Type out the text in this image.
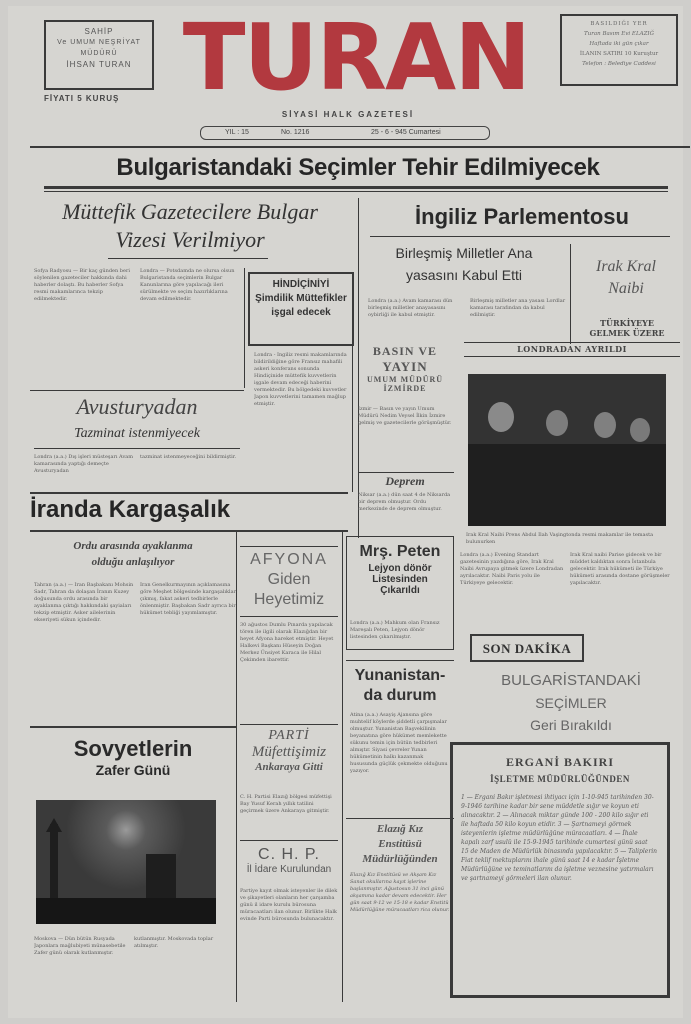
SAHİP
Ve UMUM NEŞRİYAT
MÜDÜRÜ
İHSAN TURAN
FİYATI 5 KURUŞ TURAN	BASILDIĞI YER
Turan Basım Evi ELAZIĞ
Haftada iki gün çıkar
İLANIN SATIRI 10 Kuruştur
Telefon : Belediye Caddesi
SİYASİ HALK GAZETESİ
YIL : 15	No. 1216	25 - 6 - 945 Cumartesi
Bulgaristandaki Seçimler Tehir Edilmiyecek
Müttefik Gazetecilere Bulgar
Vizesi Verilmiyor
Sofya Radyosu — Bir kaç günden beri söylenilen gazeteciler hakkında dahi haberler dolaştı. Bu haberler Sofya resmi makamlarınca tekzip edilmektedir.
Londra — Potsdamda ne olursa olsun Bulgaristanda seçimlerin Bulgar Kanunlarına göre yapılacağı ileri sürülmekte ve seçim hazırlıklarına devam edilmektedir.
HİNDİÇİNİYİ Şimdilik Müttefikler işgal edecek
Londra - İngiliz resmi makamlarında bildirildiğine göre Fransız mahafili askeri konferans sonunda Hindiçinide müttefik kuvvetlerin işgale devam edeceği haberini vermektedir. Bu bölgedeki kuvvetler Japon kuvvetlerini tamamen mağlup etmiştir.
İngiliz Parlementosu
Birleşmiş Milletler Ana
yasasını Kabul Etti
Londra (a.a.) Avam kamarası dün birleşmiş milletler anayasasını oybirliği ile kabul etmiştir.
Birleşmiş milletler ana yasası Lordlar kamarası tarafından da kabul edilmiştir.
Irak Kral
Naibi
TÜRKİYEYE
GELMEK ÜZERE
LONDRADAN AYRILDI
Irak Kral Naibi Prens Abdul İlah Vaşingtonda resmi makamlar ile temasta bulunurken
Londra (a.a.) Evening Standart gazetesinin yazdığına göre, Irak Kral Naibi Avrupaya gitmek üzere Londradan ayrılacaktır. Naibi Paris yolu ile Türkiyeye gelecektir.
Irak Kral naibi Parise gidecek ve bir müddet kaldıktan sonra İstanbula gelecektir. Irak hükümeti ile Türkiye hükümeti arasında dostane görüşmeler yapılacaktır.
Avusturyadan
Tazminat istenmiyecek
Londra (a.a.) Dış işleri müsteşarı Avam kamarasında yaptığı demeçte Avusturyadan
tazminat istenmeyeceğini bildirmiştir.
BASIN VE
YAYIN
UMUM MÜDÜRÜ
İZMİRDE
İzmir — Basın ve yayın Umum Müdürü Nedim Veysel İlkin İzmire gelmiş ve gazetecilerle görüşmüştür.
Deprem
Niksar (a.a.) dün saat 4 de Niksarda bir deprem olmuştur. Ordu merkezinde de deprem olmuştur.
İranda Kargaşalık
Ordu arasında ayaklanma
olduğu anlaşılıyor
Tahran (a.a.) — İran Başbakanı Mohsin Sadr, Tahran da dolaşan İranın Kuzey doğusunda ordu arasında bir ayaklanma çıktığı hakkındaki şayiaları tekzip etmiştir. Asker ailelerinin ekseriyeti sükun içindedir.
İran Genelkurmayının açıklamasına göre Meşhet bölgesinde kargaşalıklar çıkmış, fakat askeri tedbirlerle önlenmiştir. Başbakan Sadr ayrıca bir hükümet tebliği yayımlamıştır.
AFYONA
Giden
Heyetimiz
30 ağustos Dumlu Pınarda yapılacak tören ile ilgili olarak Elazığdan bir heyet Afyona hareket etmiştir. Heyet Halkevi Başkanı Hüseyin Doğan Merkez Ünsiyet Karaca ile Hilal Çekimden ibarettir.
PARTİ
Müfettişimiz
Ankaraya Gitti
C. H. Partisi Elazığ bölgesi müfettişi Bay Yusuf Kerah yıllık tatilini geçirmek üzere Ankaraya gitmiştir.
C. H. P.
İl İdare Kurulundan
Partiye kayıt olmak isteyenler ile dilek ve şikayetleri olanların her çarşamba günü il idare kurulu bürosuna müracaatları ilan olunur. Birlikte Halk evinde Parti bürosunda bulunacaktır.
Mrş. Peten
Lejyon dönör
Listesinden
Çıkarıldı
Londra (a.a.) Mahkum olan Fransız Mareşalı Peten, Lejyon dönör listesinden çıkarılmıştır.
Yunanistan-
da durum
Atina (a.a.) Asayiş Ajansına göre muhtelif köylerde şiddetli çarpışmalar olmuştur. Yunanistan Başvekilinin beyanatına göre hükümet memlekette sükunu temin için bütün tedbirleri almıştır. Siyasi çevreler Yunan hükümetinin halkı kazanmak hususunda güçlük çekmekte olduğunu yazıyor.
Elazığ Kız
Enstitüsü
Müdürlüğünden
Elazığ Kız Enstitüsü ve Akşam Kız Sanat okullarına kayıt işlerine başlanmıştır. Ağustosun 31 inci günü akşamına kadar devam edecektir. Her gün saat 9-12 ve 15-18 e kadar Enstitü Müdürlüğüne müracaatları rica olunur.
Sovyetlerin
Zafer Günü
Moskova — Dün bütün Rusyada Japonlara mağlubiyeti münasebetile Zafer günü olarak kutlanmıştır.
kutlanmıştır. Moskovada toplar atılmıştır.
SON DAKİKA
BULGARİSTANDAKİ
SEÇİMLER
Geri Bırakıldı
ERGANİ BAKIRI
İŞLETME MÜDÜRLÜĞÜNDEN
1 — Ergani Bakır işletmesi ihtiyacı için 1-10-945 tarihinden 30-9-1946 tarihine kadar bir sene müddetle sığır ve koyun eti alınacaktır. 2 — Alınacak miktar günde 100 - 200 kilo sığır eti ile haftada 50 kilo koyun etidir. 3 — Şartnameyi görmek isteyenlerin işletme müdürlüğüne müracaatları. 4 — İhale kapalı zarf usulü ile 15-9-1945 tarihinde cumartesi günü saat 15 de Maden de Müdürlük binasında yapılacaktır. 5 — Taliplerin Fiat teklif mektuplarını ihale günü saat 14 e kadar İşletme Müdürlüğüne ve teminatlarını da işletme veznesine yatırmaları ve şartnameyi görmeleri ilan olunur.
